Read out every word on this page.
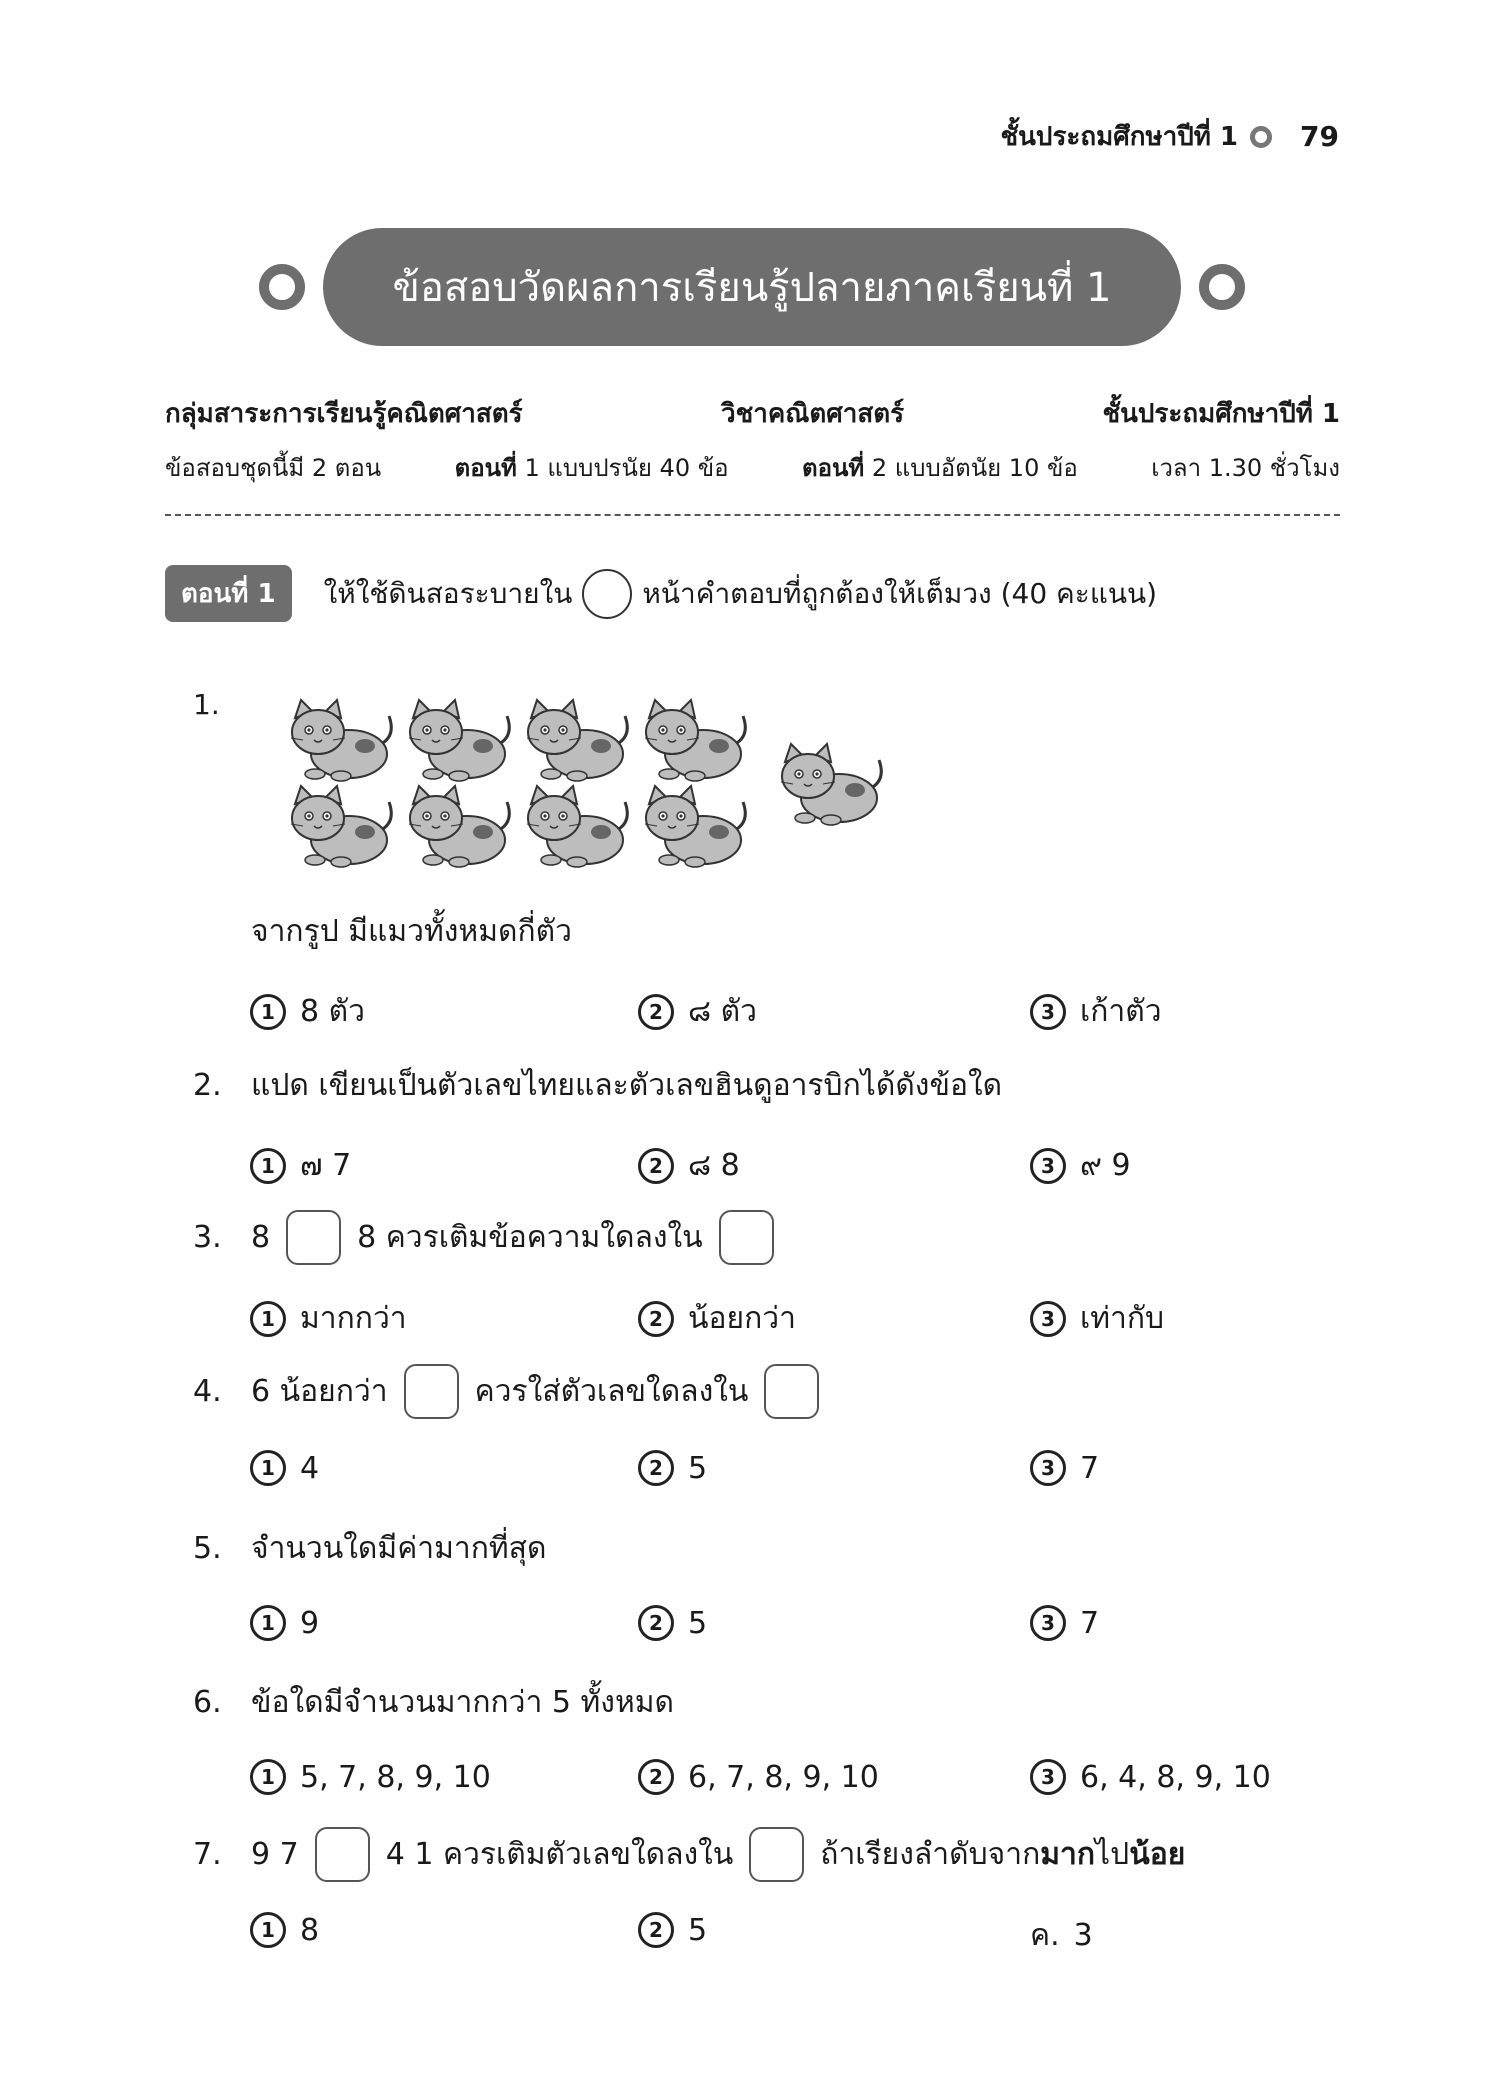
ชั้นประถมศึกษาปีที่ 1 79
ข้อสอบวัดผลการเรียนรู้ปลายภาคเรียนที่ 1
กลุ่มสาระการเรียนรู้คณิตศาสตร์	วิชาคณิตศาสตร์	ชั้นประถมศึกษาปีที่ 1
ข้อสอบชุดนี้มี 2 ตอน	ตอนที่ 1 แบบปรนัย 40 ข้อ	ตอนที่ 2 แบบอัตนัย 10 ข้อ	เวลา 1.30 ชั่วโมง
ตอนที่ 1	ให้ใช้ดินสอระบายใน	หน้าคำตอบที่ถูกต้องให้เต็มวง (40 คะแนน)
1.
จากรูป มีแมวทั้งหมดกี่ตัว
1 8 ตัว	2 ๘ ตัว	3 เก้าตัว
2. แปด เขียนเป็นตัวเลขไทยและตัวเลขฮินดูอารบิกได้ดังข้อใด
1 ๗ 7	2 ๘ 8	3 ๙ 9
3. 8	8 ควรเติมข้อความใดลงใน
1 มากกว่า	2 น้อยกว่า	3 เท่ากับ
4. 6 น้อยกว่า	ควรใส่ตัวเลขใดลงใน
1 4	2 5	3 7
5. จำนวนใดมีค่ามากที่สุด
1 9	2 5	3 7
6. ข้อใดมีจำนวนมากกว่า 5 ทั้งหมด
1 5, 7, 8, 9, 10	2 6, 7, 8, 9, 10	3 6, 4, 8, 9, 10
7. 9 7	4 1 ควรเติมตัวเลขใดลงใน	ถ้าเรียงลำดับจาก มาก ไป น้อย
1 8	2 5	ค. 3
